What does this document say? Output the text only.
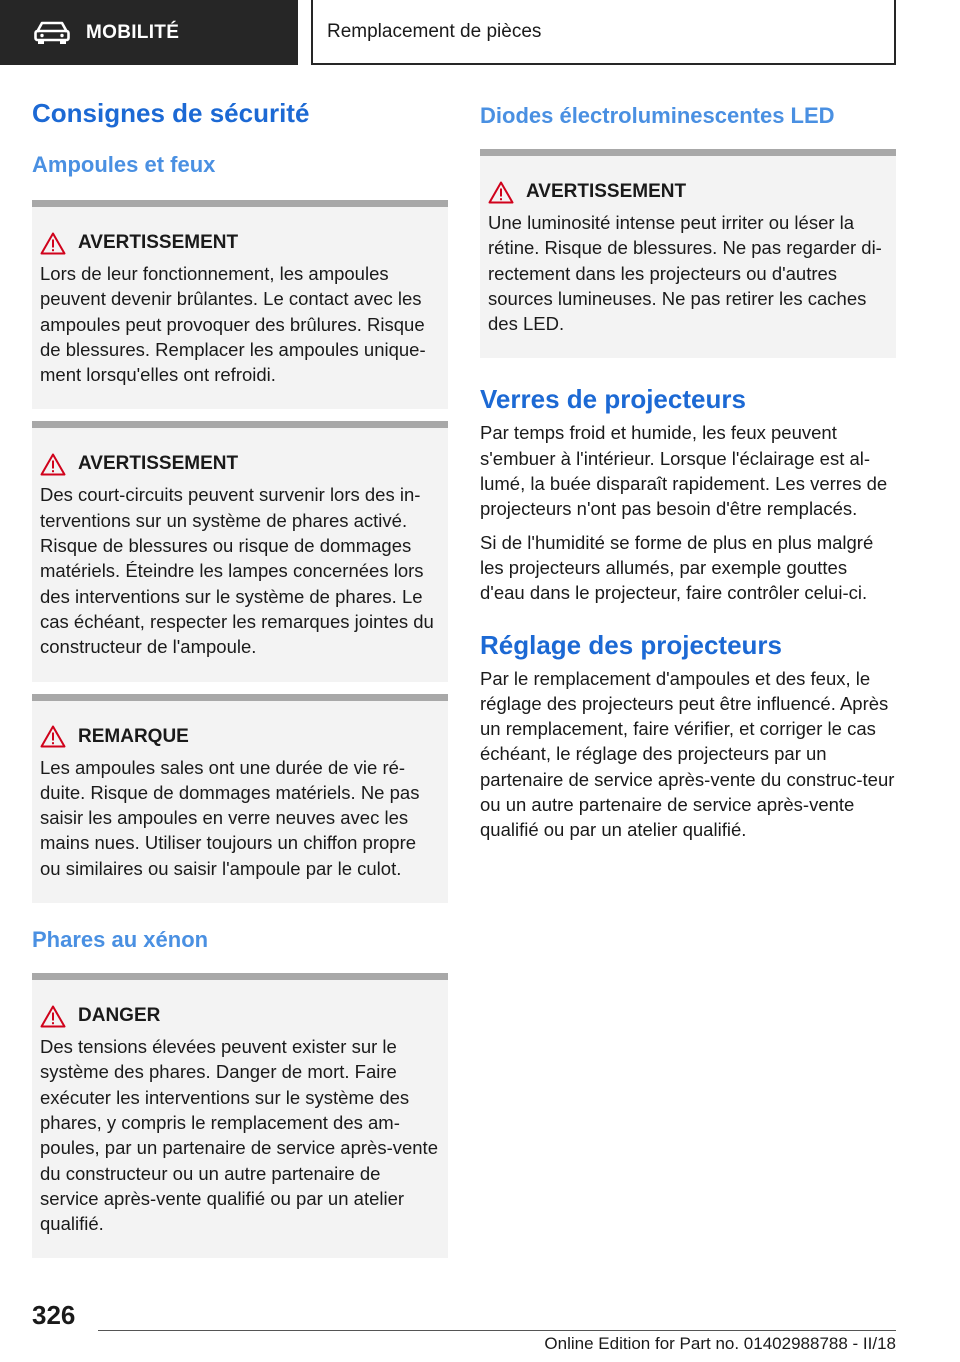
MOBILITÉ	Remplacement de pièces
Consignes de sécurité
Ampoules et feux
AVERTISSEMENT
Lors de leur fonctionnement, les ampoules peuvent devenir brûlantes. Le contact avec les ampoules peut provoquer des brûlures. Risque de blessures. Remplacer les ampoules unique-ment lorsqu'elles ont refroidi.
AVERTISSEMENT
Des court-circuits peuvent survenir lors des in-terventions sur un système de phares activé. Risque de blessures ou risque de dommages matériels. Éteindre les lampes concernées lors des interventions sur le système de phares. Le cas échéant, respecter les remarques jointes du constructeur de l'ampoule.
REMARQUE
Les ampoules sales ont une durée de vie ré-duite. Risque de dommages matériels. Ne pas saisir les ampoules en verre neuves avec les mains nues. Utiliser toujours un chiffon propre ou similaires ou saisir l'ampoule par le culot.
Phares au xénon
DANGER
Des tensions élevées peuvent exister sur le système des phares. Danger de mort. Faire exécuter les interventions sur le système des phares, y compris le remplacement des am-poules, par un partenaire de service après-vente du constructeur ou un autre partenaire de service après-vente qualifié ou par un atelier qualifié.
Diodes électroluminescentes LED
AVERTISSEMENT
Une luminosité intense peut irriter ou léser la rétine. Risque de blessures. Ne pas regarder di-rectement dans les projecteurs ou d'autres sources lumineuses. Ne pas retirer les caches des LED.
Verres de projecteurs

Par temps froid et humide, les feux peuvent s'embuer à l'intérieur. Lorsque l'éclairage est al-lumé, la buée disparaît rapidement. Les verres de projecteurs n'ont pas besoin d'être remplacés.

Si de l'humidité se forme de plus en plus malgré les projecteurs allumés, par exemple gouttes d'eau dans le projecteur, faire contrôler celui-ci.

Réglage des projecteurs

Par le remplacement d'ampoules et des feux, le réglage des projecteurs peut être influencé. Après un remplacement, faire vérifier, et corriger le cas échéant, le réglage des projecteurs par un partenaire de service après-vente du construc-teur ou un autre partenaire de service après-vente qualifié ou par un atelier qualifié.

326
Online Edition for Part no. 01402988788 - II/18
